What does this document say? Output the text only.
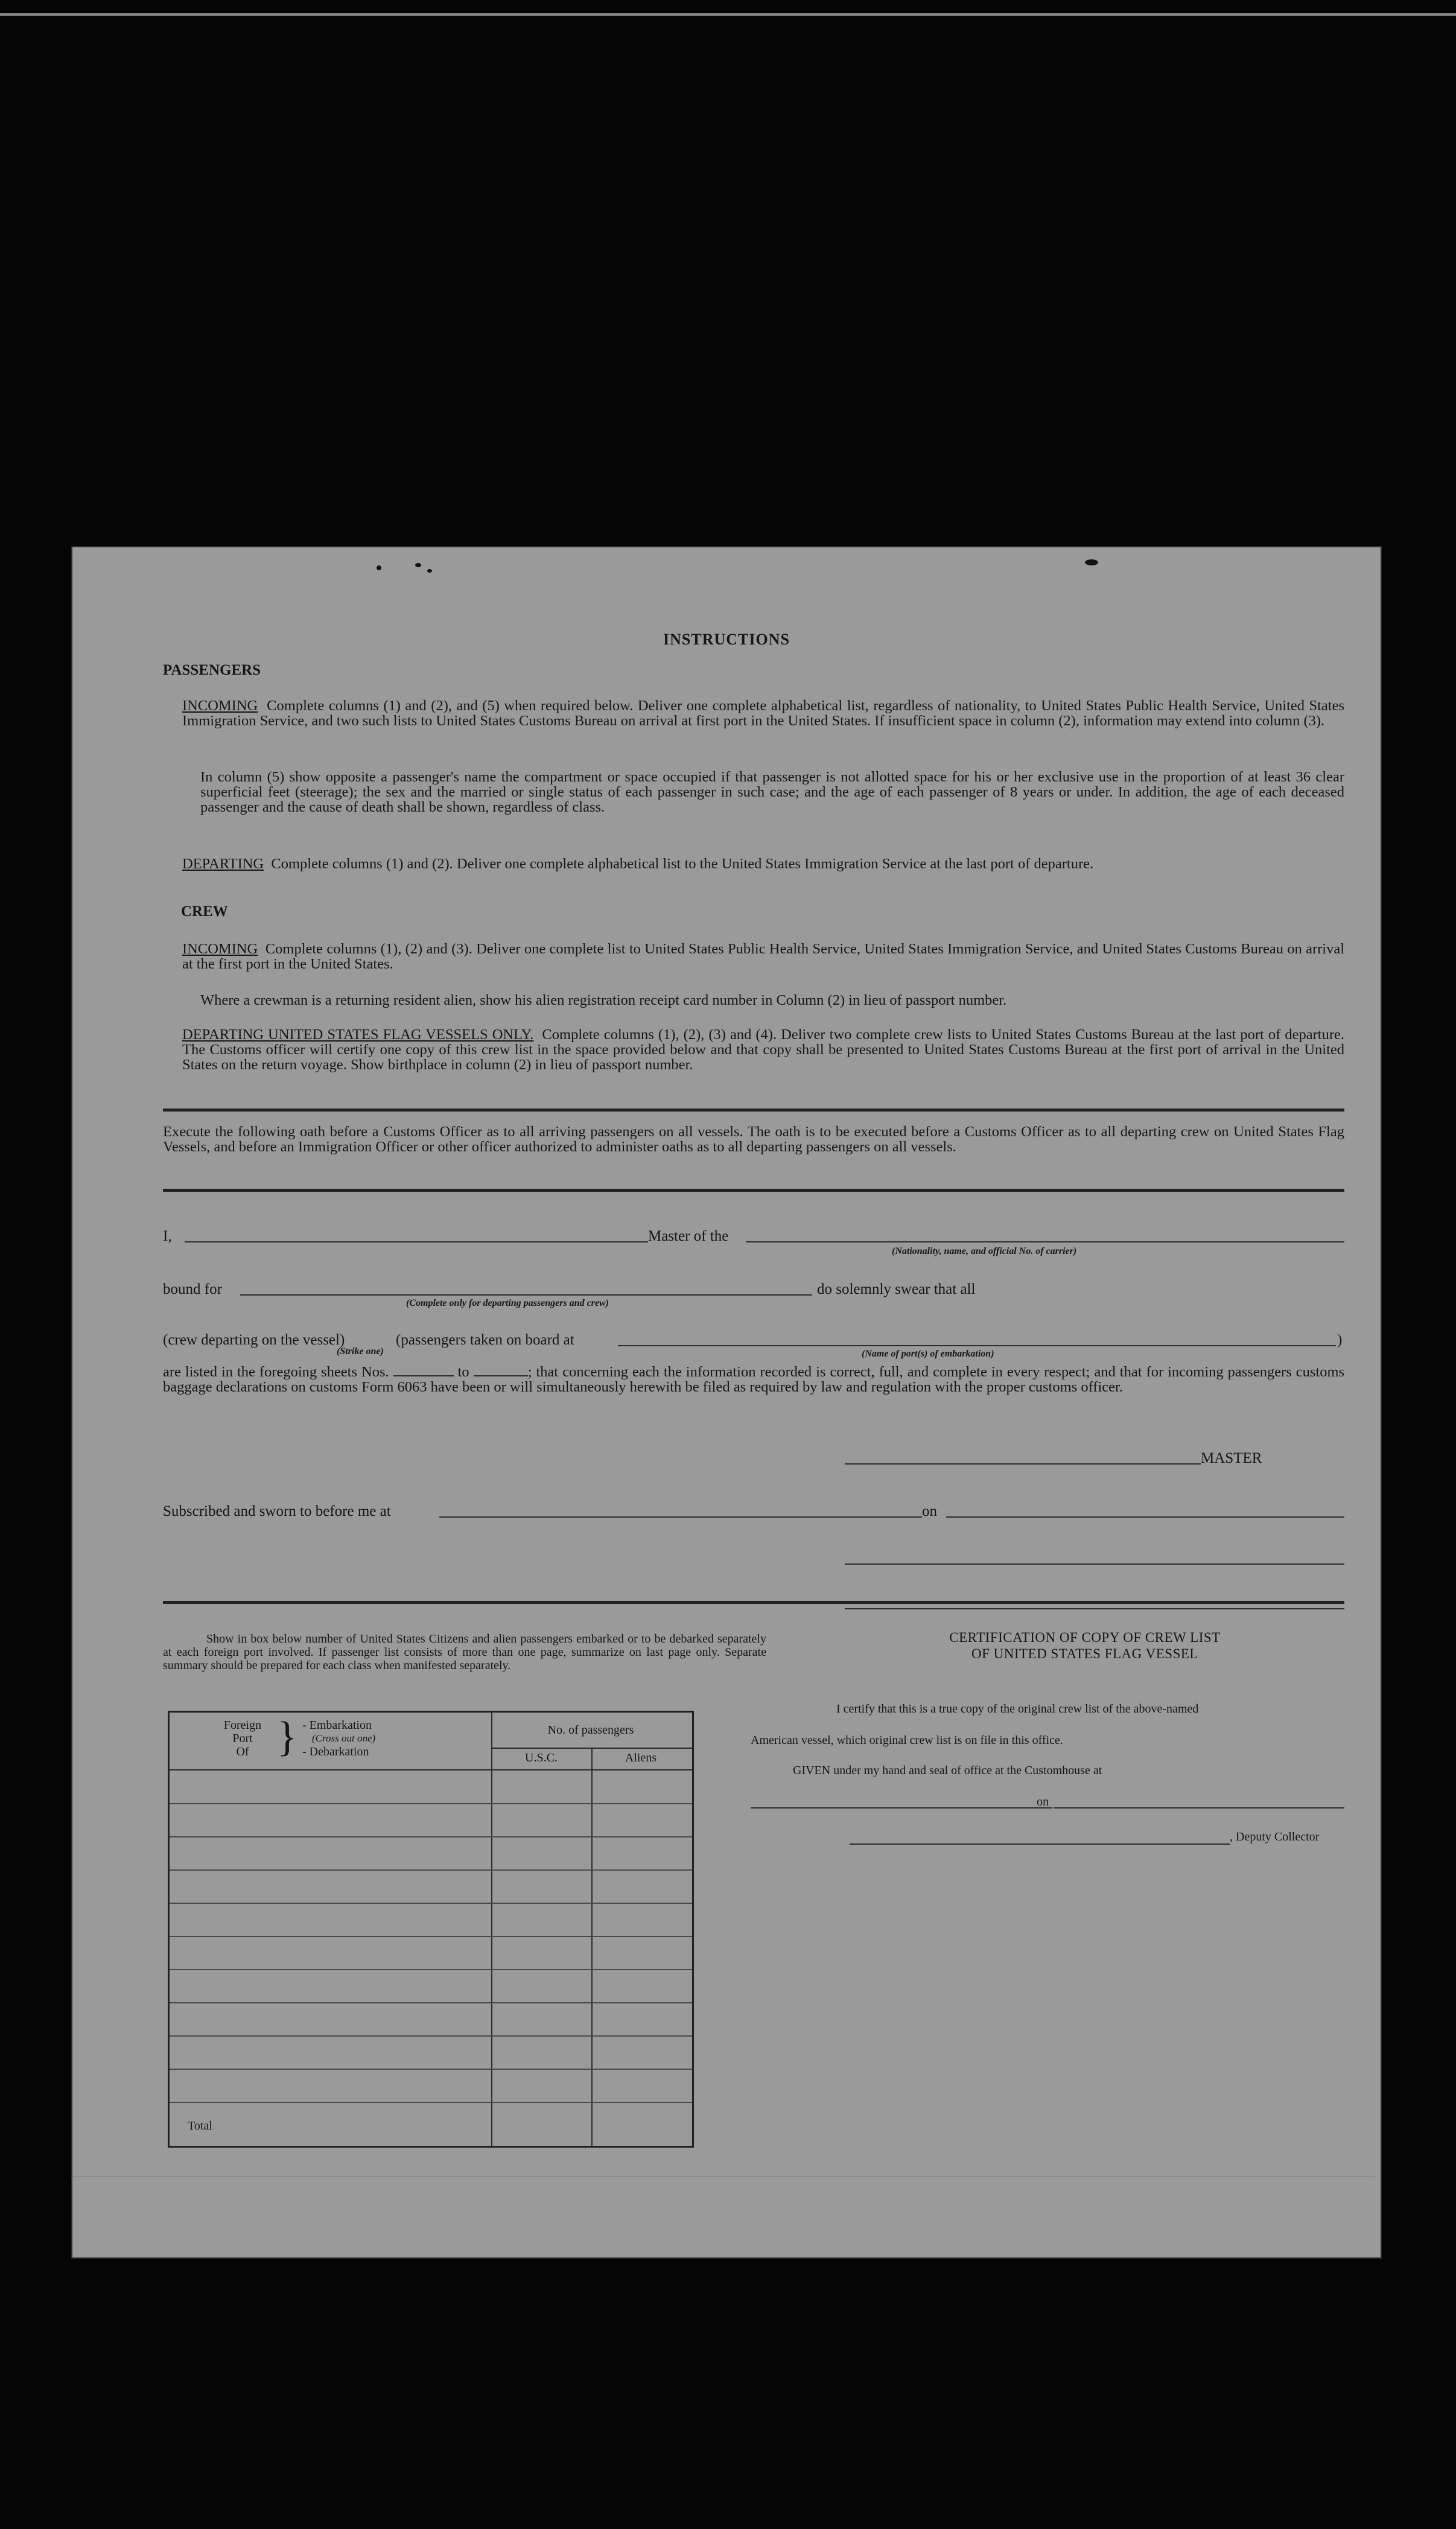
INSTRUCTIONS
PASSENGERS
INCOMING Complete columns (1) and (2), and (5) when required below. Deliver one complete alphabetical list, regardless of nationality, to United States Public Health Service, United States Immigration Service, and two such lists to United States Customs Bureau on arrival at first port in the United States. If insufficient space in column (2), information may extend into column (3).
In column (5) show opposite a passenger's name the compartment or space occupied if that passenger is not allotted space for his or her exclusive use in the proportion of at least 36 clear superficial feet (steerage); the sex and the married or single status of each passenger in such case; and the age of each passenger of 8 years or under. In addition, the age of each deceased passenger and the cause of death shall be shown, regardless of class.
DEPARTING Complete columns (1) and (2). Deliver one complete alphabetical list to the United States Immigration Service at the last port of departure.
CREW
INCOMING Complete columns (1), (2) and (3). Deliver one complete list to United States Public Health Service, United States Immigration Service, and United States Customs Bureau on arrival at the first port in the United States.
Where a crewman is a returning resident alien, show his alien registration receipt card number in Column (2) in lieu of passport number.
DEPARTING UNITED STATES FLAG VESSELS ONLY. Complete columns (1), (2), (3) and (4). Deliver two complete crew lists to United States Customs Bureau at the last port of departure. The Customs officer will certify one copy of this crew list in the space provided below and that copy shall be presented to United States Customs Bureau at the first port of arrival in the United States on the return voyage. Show birthplace in column (2) in lieu of passport number.
Execute the following oath before a Customs Officer as to all arriving passengers on all vessels. The oath is to be executed before a Customs Officer as to all departing crew on United States Flag Vessels, and before an Immigration Officer or other officer authorized to administer oaths as to all departing passengers on all vessels.
I,	Master of the
(Nationality, name, and official No. of carrier)
bound for
(Complete only for departing passengers and crew)
do solemnly swear that all
(crew departing on the vessel)
(Strike one)
(passengers taken on board at	)
(Name of port(s) of embarkation)
are listed in the foregoing sheets Nos.	to	; that concerning each the information recorded is correct, full, and complete in every respect; and that for incoming passengers customs baggage declarations on customs Form 6063 have been or will simultaneously herewith be filed as required by law and regulation with the proper customs officer.
MASTER
Subscribed and sworn to before me at	on
Show in box below number of United States Citizens and alien passengers embarked or to be debarked separately at each foreign port involved. If passenger list consists of more than one page, summarize on last page only. Separate summary should be prepared for each class when manifested separately.
Foreign
Port
Of } - Embarkation
(Cross out one)
- Debarkation
No. of passengers
U.S.C.	Aliens
Total
CERTIFICATION OF COPY OF CREW LIST
OF UNITED STATES FLAG VESSEL
I certify that this is a true copy of the original crew list of the above-named
American vessel, which original crew list is on file in this office.
GIVEN under my hand and seal of office at the Customhouse at
on
, Deputy Collector
